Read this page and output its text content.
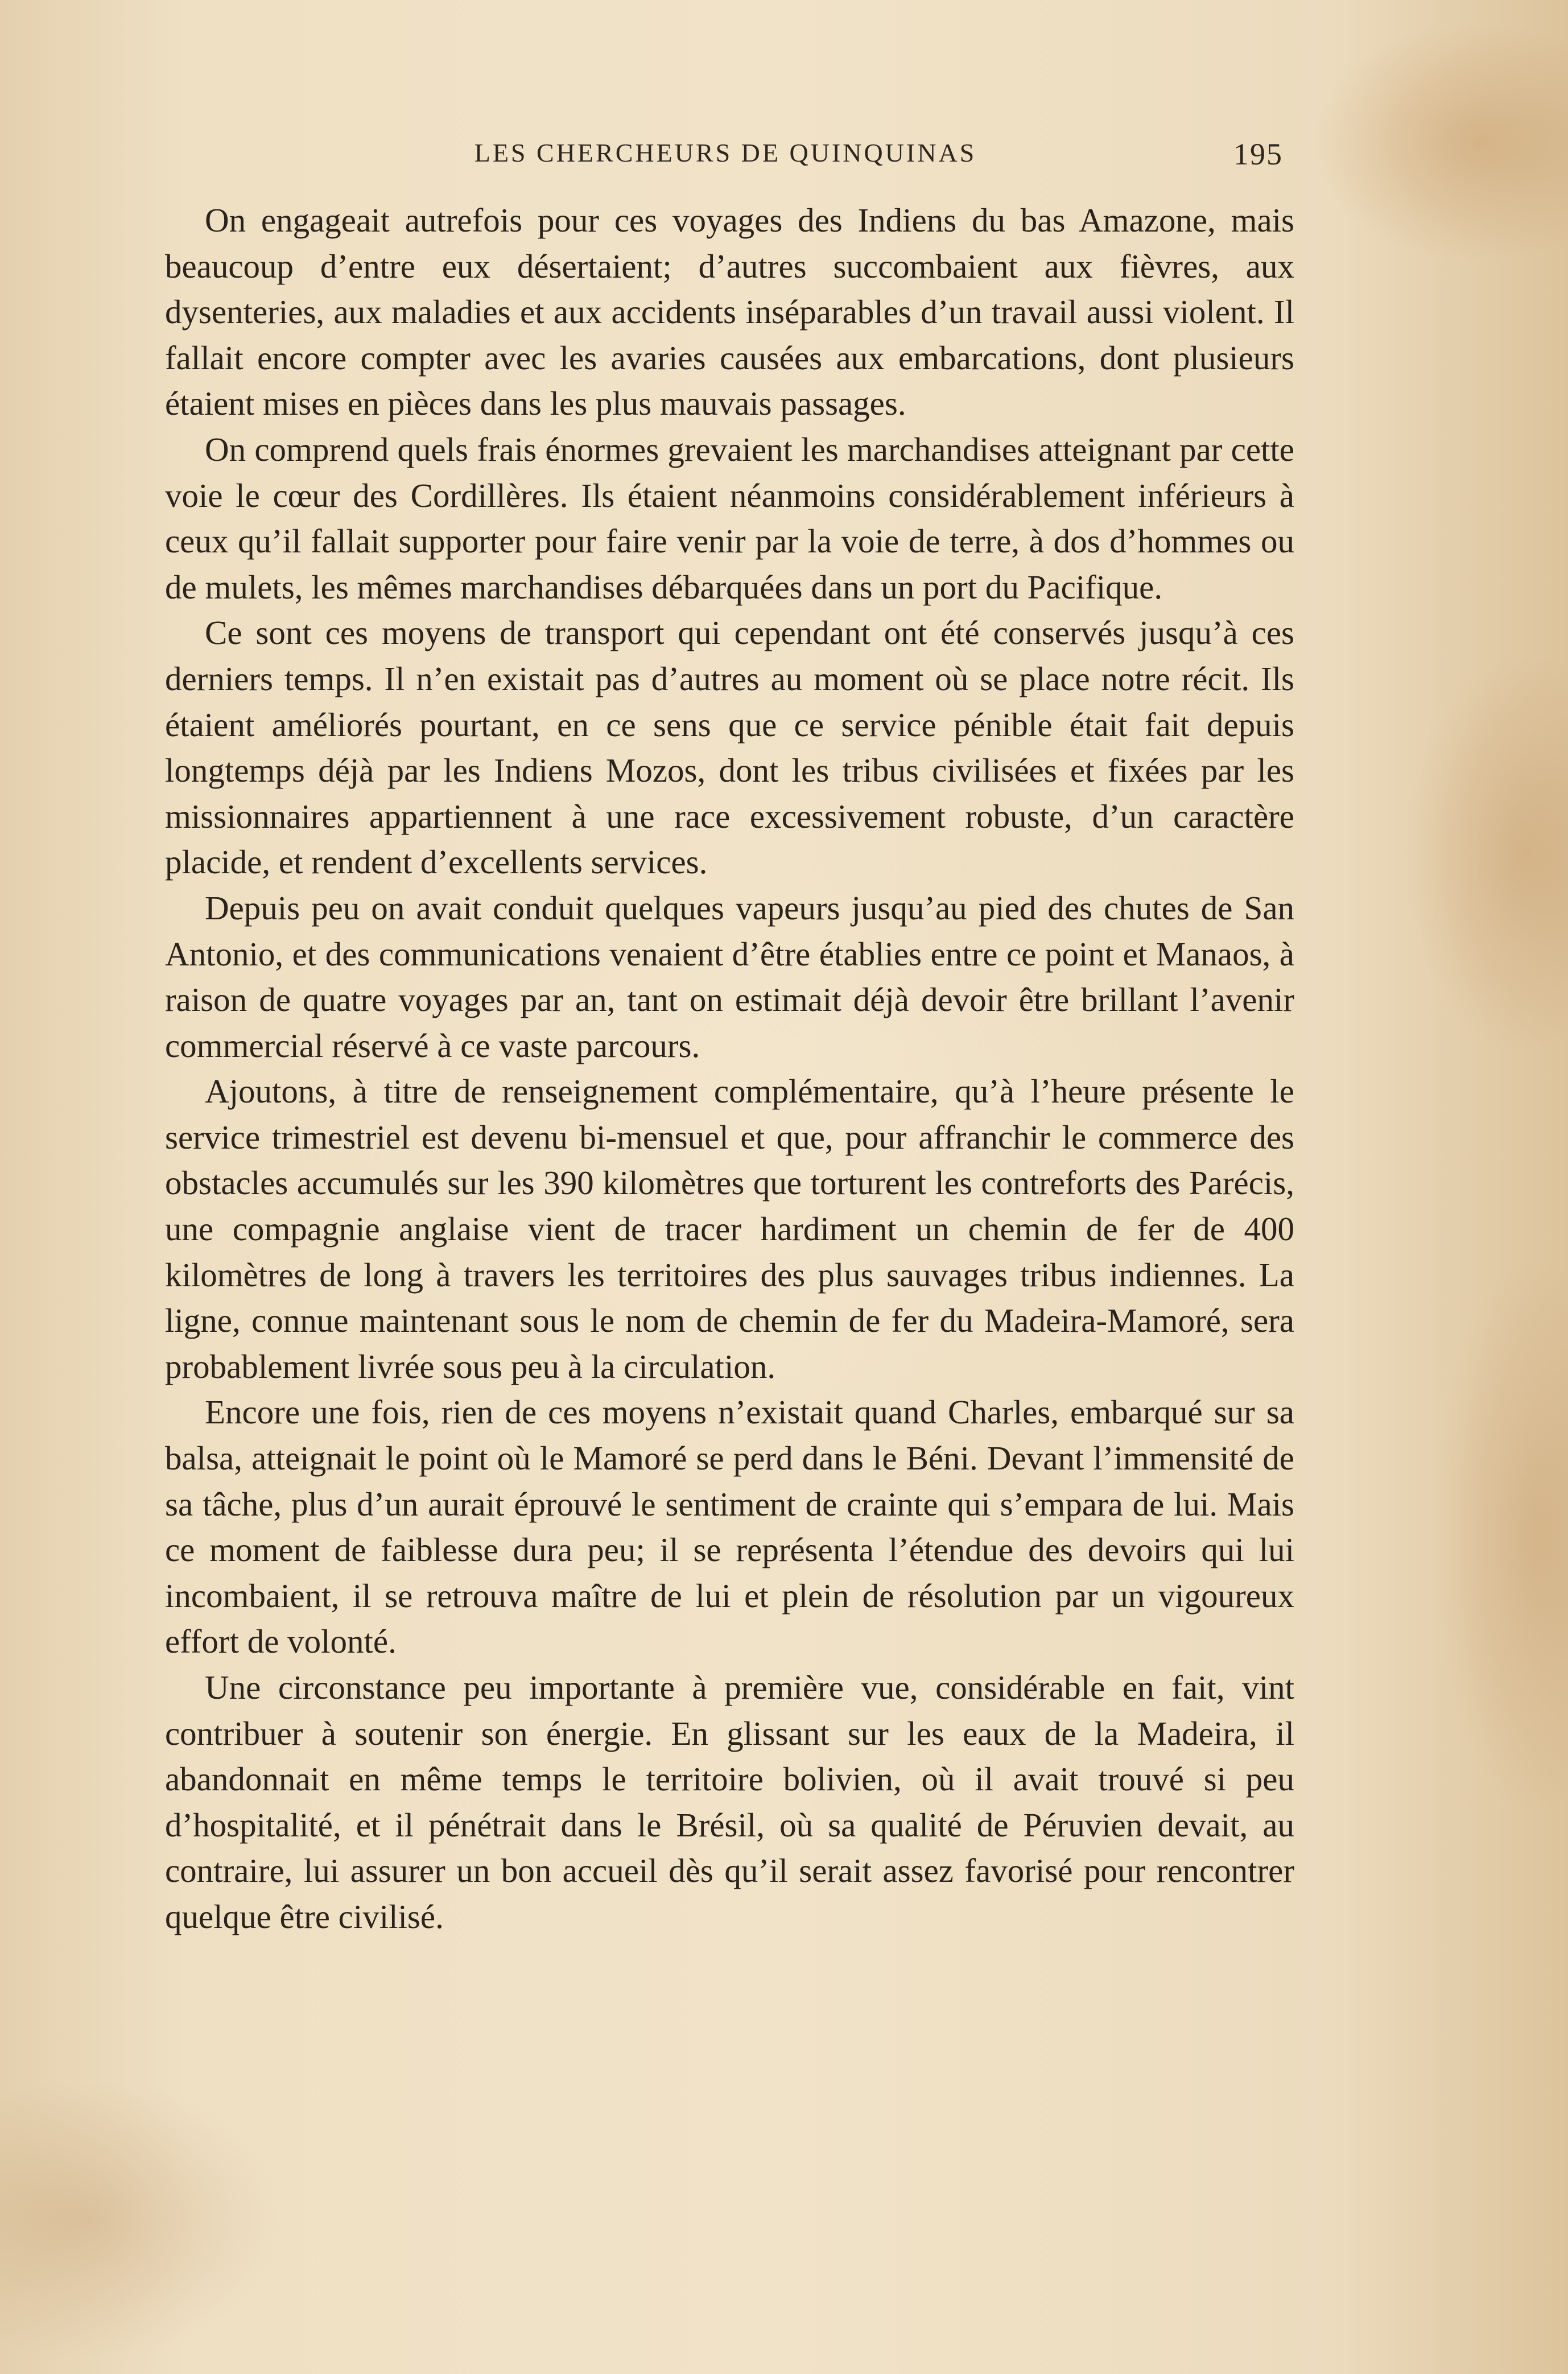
LES CHERCHEURS DE QUINQUINAS	195

On engageait autrefois pour ces voyages des Indiens du bas Amazone, mais beaucoup d’entre eux désertaient; d’autres succombaient aux fièvres, aux dysenteries, aux maladies et aux accidents inséparables d’un travail aussi violent. Il fallait encore compter avec les avaries causées aux embarcations, dont plusieurs étaient mises en pièces dans les plus mauvais passages.

On comprend quels frais énormes grevaient les marchandises atteignant par cette voie le cœur des Cordillères. Ils étaient néanmoins considérablement inférieurs à ceux qu’il fallait supporter pour faire venir par la voie de terre, à dos d’hommes ou de mulets, les mêmes marchandises débarquées dans un port du Pacifique.

Ce sont ces moyens de transport qui cependant ont été conservés jusqu’à ces derniers temps. Il n’en existait pas d’autres au moment où se place notre récit. Ils étaient améliorés pourtant, en ce sens que ce service pénible était fait depuis longtemps déjà par les Indiens Mozos, dont les tribus civilisées et fixées par les missionnaires appartiennent à une race excessivement robuste, d’un caractère placide, et rendent d’excellents services.

Depuis peu on avait conduit quelques vapeurs jusqu’au pied des chutes de San Antonio, et des communications venaient d’être établies entre ce point et Manaos, à raison de quatre voyages par an, tant on estimait déjà devoir être brillant l’avenir commercial réservé à ce vaste parcours.

Ajoutons, à titre de renseignement complémentaire, qu’à l’heure présente le service trimestriel est devenu bi-mensuel et que, pour affranchir le commerce des obstacles accumulés sur les 390 kilomètres que torturent les contreforts des Parécis, une compagnie anglaise vient de tracer hardiment un chemin de fer de 400 kilomètres de long à travers les territoires des plus sauvages tribus indiennes. La ligne, connue maintenant sous le nom de chemin de fer du Madeira-Mamoré, sera probablement livrée sous peu à la circulation.

Encore une fois, rien de ces moyens n’existait quand Charles, embarqué sur sa balsa, atteignait le point où le Mamoré se perd dans le Béni. Devant l’immensité de sa tâche, plus d’un aurait éprouvé le sentiment de crainte qui s’empara de lui. Mais ce moment de faiblesse dura peu; il se représenta l’étendue des devoirs qui lui incombaient, il se retrouva maître de lui et plein de résolution par un vigoureux effort de volonté.

Une circonstance peu importante à première vue, considérable en fait, vint contribuer à soutenir son énergie. En glissant sur les eaux de la Madeira, il abandonnait en même temps le territoire bolivien, où il avait trouvé si peu d’hospitalité, et il pénétrait dans le Brésil, où sa qualité de Péruvien devait, au contraire, lui assurer un bon accueil dès qu’il serait assez favorisé pour rencontrer quelque être civilisé.
